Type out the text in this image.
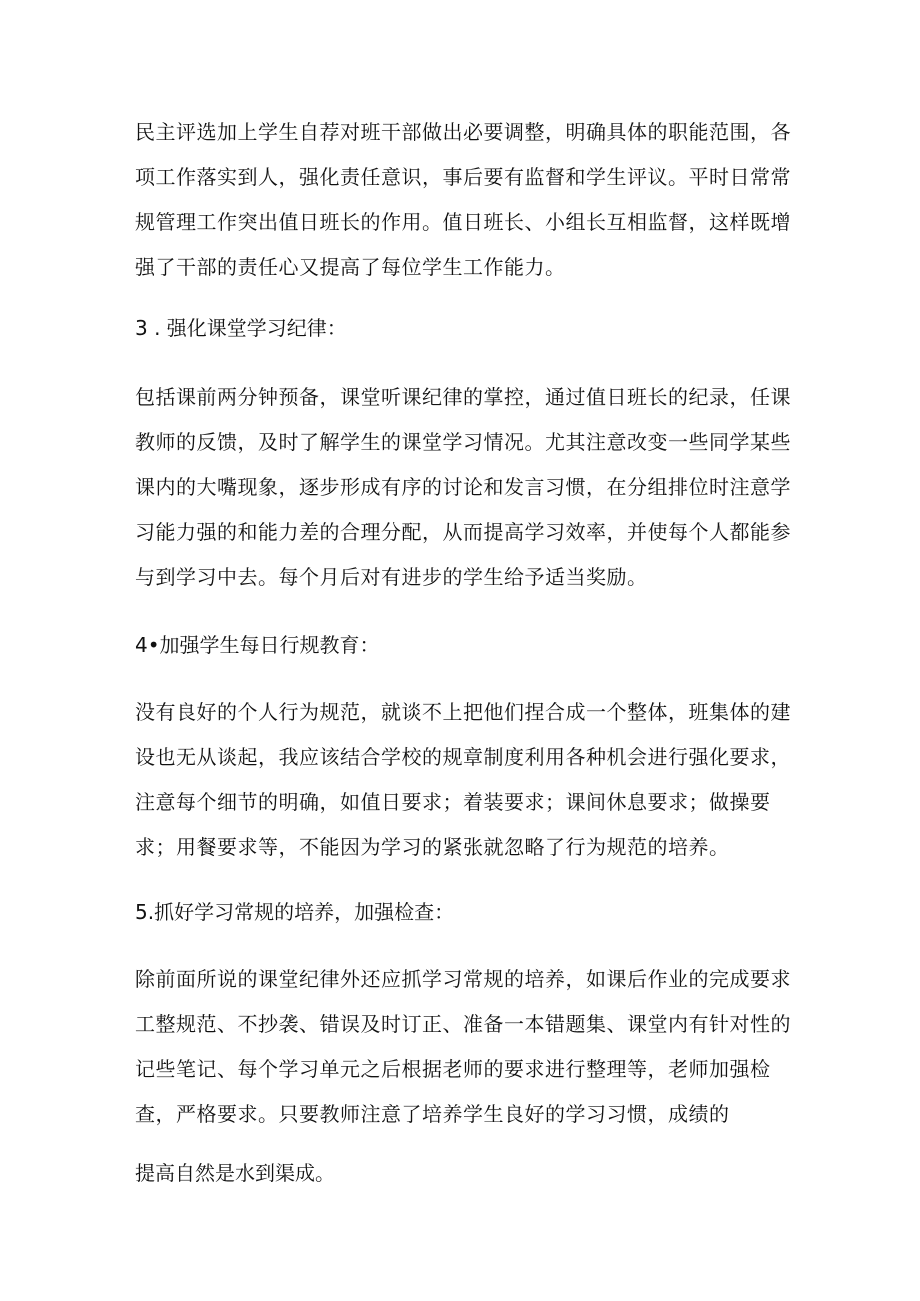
民主评选加上学生自荐对班干部做出必要调整，明确具体的职能范围，各项工作落实到人，强化责任意识，事后要有监督和学生评议。平时日常常规管理工作突出值日班长的作用。值日班长、小组长互相监督，这样既增强了干部的责任心又提高了每位学生工作能力。

3 . 强化课堂学习纪律：

包括课前两分钟预备，课堂听课纪律的掌控，通过值日班长的纪录，任课教师的反馈，及时了解学生的课堂学习情况。尤其注意改变一些同学某些课内的大嘴现象，逐步形成有序的讨论和发言习惯，在分组排位时注意学习能力强的和能力差的合理分配，从而提高学习效率，并使每个人都能参与到学习中去。每个月后对有进步的学生给予适当奖励。

4•加强学生每日行规教育：

没有良好的个人行为规范，就谈不上把他们捏合成一个整体，班集体的建设也无从谈起，我应该结合学校的规章制度利用各种机会进行强化要求，注意每个细节的明确，如值日要求；着装要求；课间休息要求；做操要求；用餐要求等，不能因为学习的紧张就忽略了行为规范的培养。

5.抓好学习常规的培养，加强检查：

除前面所说的课堂纪律外还应抓学习常规的培养，如课后作业的完成要求工整规范、不抄袭、错误及时订正、准备一本错题集、课堂内有针对性的记些笔记、每个学习单元之后根据老师的要求进行整理等，老师加强检查，严格要求。只要教师注意了培养学生良好的学习习惯，成绩的

提高自然是水到渠成。
